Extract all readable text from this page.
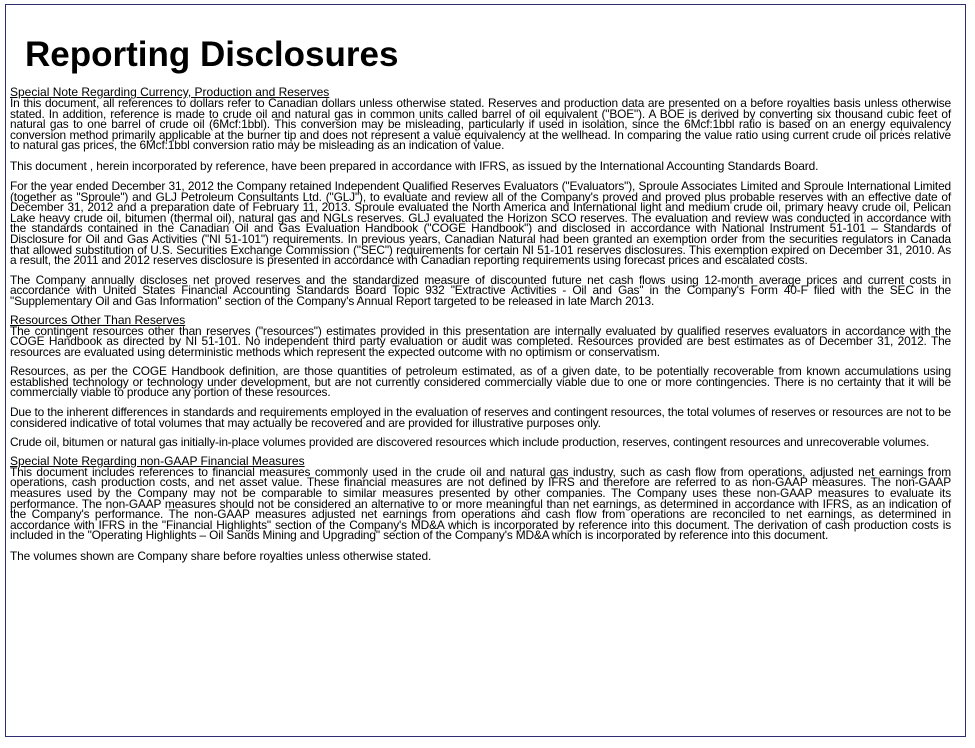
Reporting Disclosures

Special Note Regarding Currency, Production and Reserves

In this document, all references to dollars refer to Canadian dollars unless otherwise stated. Reserves and production data are presented on a before royalties basis unless otherwise stated. In addition, reference is made to crude oil and natural gas in common units called barrel of oil equivalent ("BOE"). A BOE is derived by converting six thousand cubic feet of natural gas to one barrel of crude oil (6Mcf:1bbl). This conversion may be misleading, particularly if used in isolation, since the 6Mcf:1bbl ratio is based on an energy equivalency conversion method primarily applicable at the burner tip and does not represent a value equivalency at the wellhead. In comparing the value ratio using current crude oil prices relative to natural gas prices, the 6Mcf:1bbl conversion ratio may be misleading as an indication of value.

This document , herein incorporated by reference, have been prepared in accordance with IFRS, as issued by the International Accounting Standards Board.

For the year ended December 31, 2012 the Company retained Independent Qualified Reserves Evaluators ("Evaluators"), Sproule Associates Limited and Sproule International Limited (together as "Sproule") and GLJ Petroleum Consultants Ltd. ("GLJ"), to evaluate and review all of the Company's proved and proved plus probable reserves with an effective date of December 31, 2012 and a preparation date of February 11, 2013. Sproule evaluated the North America and International light and medium crude oil, primary heavy crude oil, Pelican Lake heavy crude oil, bitumen (thermal oil), natural gas and NGLs reserves. GLJ evaluated the Horizon SCO reserves. The evaluation and review was conducted in accordance with the standards contained in the Canadian Oil and Gas Evaluation Handbook ("COGE Handbook") and disclosed in accordance with National Instrument 51-101 – Standards of Disclosure for Oil and Gas Activities ("NI 51-101") requirements. In previous years, Canadian Natural had been granted an exemption order from the securities regulators in Canada that allowed substitution of U.S. Securities Exchange Commission ("SEC") requirements for certain NI 51-101 reserves disclosures. This exemption expired on December 31, 2010. As a result, the 2011 and 2012 reserves disclosure is presented in accordance with Canadian reporting requirements using forecast prices and escalated costs.

The Company annually discloses net proved reserves and the standardized measure of discounted future net cash flows using 12-month average prices and current costs in accordance with United States Financial Accounting Standards Board Topic 932 "Extractive Activities - Oil and Gas" in the Company's Form 40-F filed with the SEC in the "Supplementary Oil and Gas Information" section of the Company's Annual Report targeted to be released in late March 2013.

Resources Other Than Reserves

The contingent resources other than reserves ("resources") estimates provided in this presentation are internally evaluated by qualified reserves evaluators in accordance with the COGE Handbook as directed by NI 51-101. No independent third party evaluation or audit was completed. Resources provided are best estimates as of December 31, 2012. The resources are evaluated using deterministic methods which represent the expected outcome with no optimism or conservatism.

Resources, as per the COGE Handbook definition, are those quantities of petroleum estimated, as of a given date, to be potentially recoverable from known accumulations using established technology or technology under development, but are not currently considered commercially viable due to one or more contingencies. There is no certainty that it will be commercially viable to produce any portion of these resources.

Due to the inherent differences in standards and requirements employed in the evaluation of reserves and contingent resources, the total volumes of reserves or resources are not to be considered indicative of total volumes that may actually be recovered and are provided for illustrative purposes only.

Crude oil, bitumen or natural gas initially-in-place volumes provided are discovered resources which include production, reserves, contingent resources and unrecoverable volumes.

Special Note Regarding non-GAAP Financial Measures

This document includes references to financial measures commonly used in the crude oil and natural gas industry, such as cash flow from operations, adjusted net earnings from operations, cash production costs, and net asset value. These financial measures are not defined by IFRS and therefore are referred to as non-GAAP measures. The non-GAAP measures used by the Company may not be comparable to similar measures presented by other companies. The Company uses these non-GAAP measures to evaluate its performance. The non-GAAP measures should not be considered an alternative to or more meaningful than net earnings, as determined in accordance with IFRS, as an indication of the Company's performance. The non-GAAP measures adjusted net earnings from operations and cash flow from operations are reconciled to net earnings, as determined in accordance with IFRS in the "Financial Highlights" section of the Company's MD&A which is incorporated by reference into this document. The derivation of cash production costs is included in the "Operating Highlights – Oil Sands Mining and Upgrading" section of the Company's MD&A which is incorporated by reference into this document.

The volumes shown are Company share before royalties unless otherwise stated.
